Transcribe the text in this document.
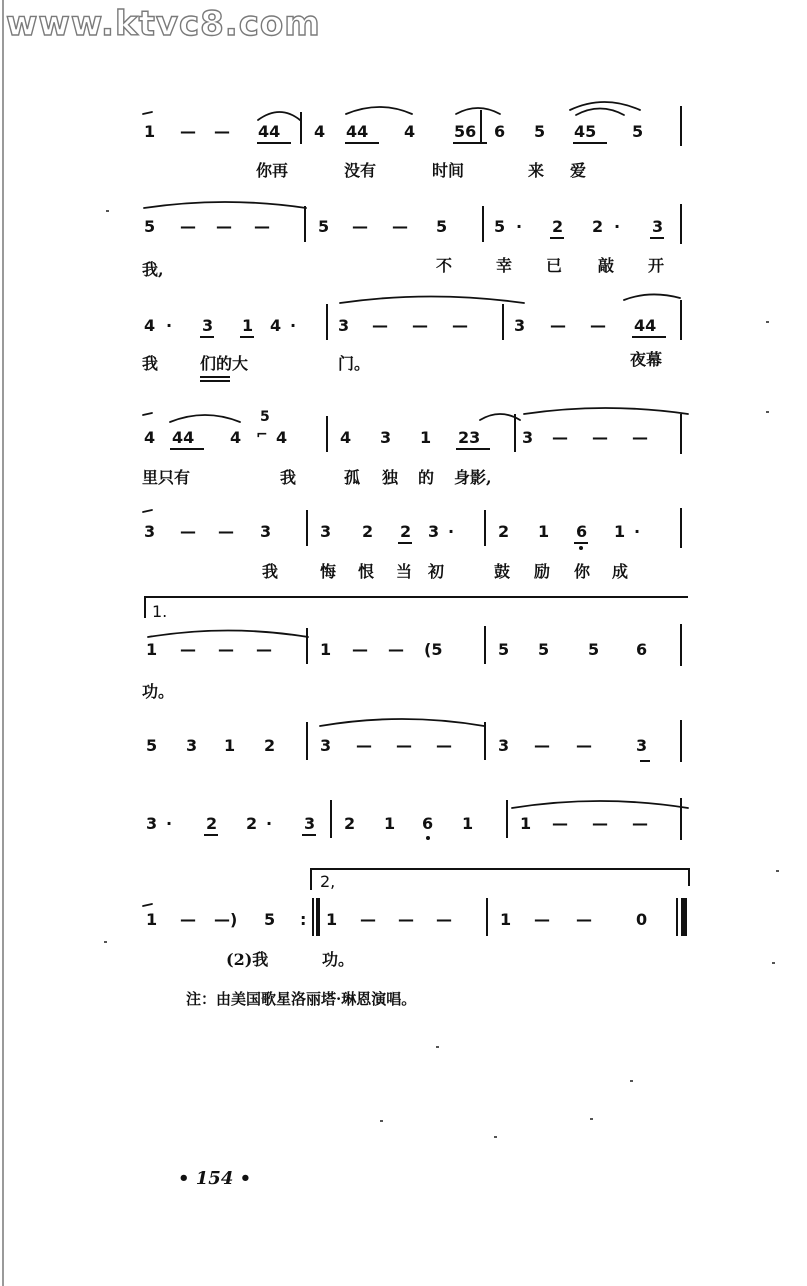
www.ktvc8.com
1 — — 44 4 44 4 56 6 5 45 5
你再	没有	时间	来 爱
5 — — —	5 — — 5	5 · 2 2 · 3
我,	不	幸 已 敲 开
4 · 3 1 4 ·	3 — — —	3 — — 44
我	们的大	门。	夜幕
4 44 4
5
⌐ 4	4 3 1 23	3 — — —
里只有	我	孤 独 的 身影,
3 — — 3	3 2 2 3 ·	2 1 6 1 ·
我	悔 恨 当 初	鼓 励 你 成
1.
1 — — —	1 — — (5	5 5 5 6
功。
5 3 1 2	3 — — —	3 — —	3
3 · 2 2 · 3 2 1 6 1	1 — — —
2,
1 — —) 5 : 1 — — —	1 — —	0
(2)我	功。
注：由美国歌星洛丽塔·琳恩演唱。
• 154 •
